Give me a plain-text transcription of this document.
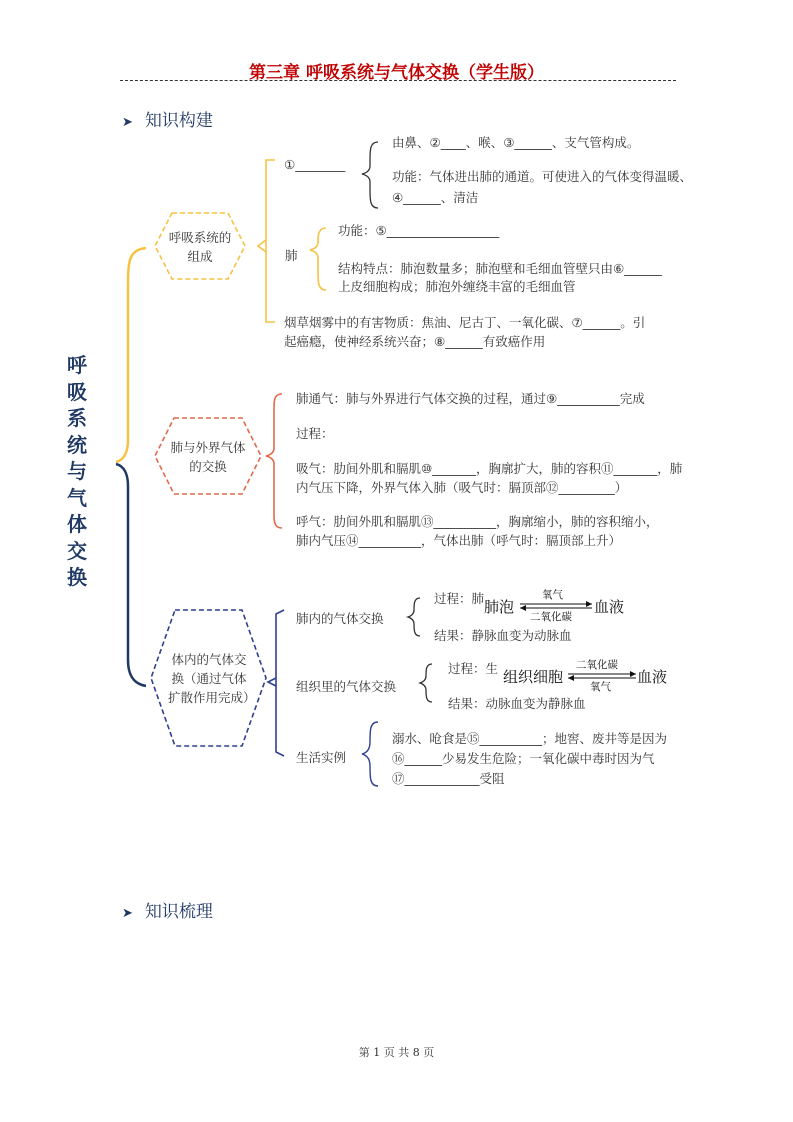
第三章 呼吸系统与气体交换（学生版）
➤ 知识构建
➤ 知识梳理
呼吸系统与气体交换
呼吸系统的组成
①________
由鼻、②____、喉、③______、支气管构成。
功能：气体进出肺的通道。可使进入的气体变得温暖、
④______、清洁
肺
功能：⑤__________________
结构特点：肺泡数量多；肺泡壁和毛细血管壁只由⑥______
上皮细胞构成；肺泡外缠绕丰富的毛细血管
烟草烟雾中的有害物质：焦油、尼古丁、一氧化碳、⑦______。引
起癌瘾，使神经系统兴奋；⑧______有致癌作用
肺与外界气体的交换
肺通气：肺与外界进行气体交换的过程，通过⑨__________完成
过程：
吸气：肋间外肌和膈肌⑩_______，胸廓扩大，肺的容积⑪_______，肺
内气压下降，外界气体入肺（吸气时：膈顶部⑫_________）
呼气：肋间外肌和膈肌⑬__________，胸廓缩小，肺的容积缩小，
肺内气压⑭__________，气体出肺（呼气时：膈顶部上升）
体内的气体交换（通过气体扩散作用完成）
肺内的气体交换
过程：肺 肺泡
氧气
二氧化碳
血液
结果：静脉血变为动脉血
组织里的气体交换
过程：生 组织细胞
二氧化碳
氧气
血液
结果：动脉血变为静脉血
生活实例
溺水、呛食是⑮__________；地窖、废井等是因为
⑯______少易发生危险；一氧化碳中毒时因为气
⑰____________受阻
第 1 页 共 8 页
